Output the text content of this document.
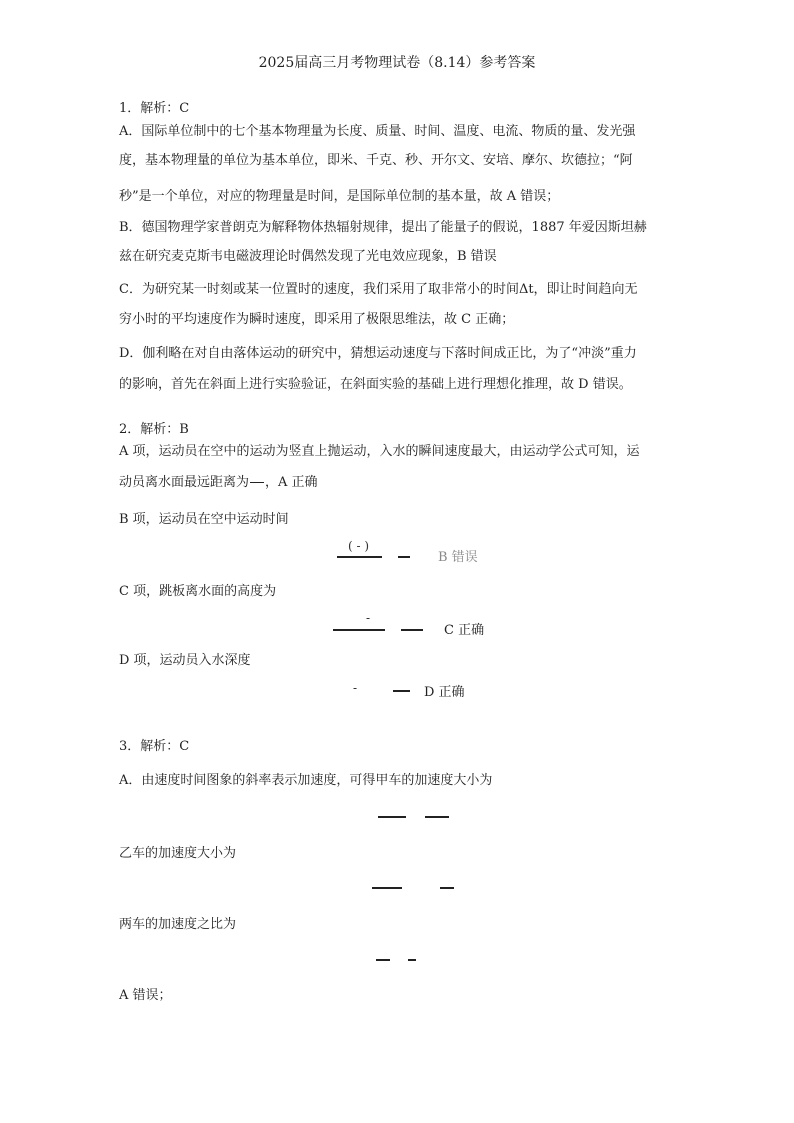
2025届高三月考物理试卷（8.14）参考答案
1．解析：C
A．国际单位制中的七个基本物理量为长度、质量、时间、温度、电流、物质的量、发光强
度，基本物理量的单位为基本单位，即米、千克、秒、开尔文、安培、摩尔、坎德拉；“阿
秒”是一个单位，对应的物理量是时间，是国际单位制的基本量，故 A 错误；
B．德国物理学家普朗克为解释物体热辐射规律，提出了能量子的假说，1887 年爱因斯坦赫
兹在研究麦克斯韦电磁波理论时偶然发现了光电效应现象，B 错误
C．为研究某一时刻或某一位置时的速度，我们采用了取非常小的时间Δt，即让时间趋向无
穷小时的平均速度作为瞬时速度，即采用了极限思维法，故 C 正确；
D．伽利略在对自由落体运动的研究中，猜想运动速度与下落时间成正比，为了“冲淡”重力
的影响，首先在斜面上进行实验验证，在斜面实验的基础上进行理想化推理，故 D 错误。
2．解析：B
A 项，运动员在空中的运动为竖直上抛运动，入水的瞬间速度最大，由运动学公式可知，运
动员离水面最远距离为 ，A 正确
B 项，运动员在空中运动时间
( - )
B 错误
C 项，跳板离水面的高度为
-
C 正确
D 项，运动员入水深度
-	D 正确
3．解析：C
A．由速度时间图象的斜率表示加速度，可得甲车的加速度大小为
乙车的加速度大小为
两车的加速度之比为
A 错误；
